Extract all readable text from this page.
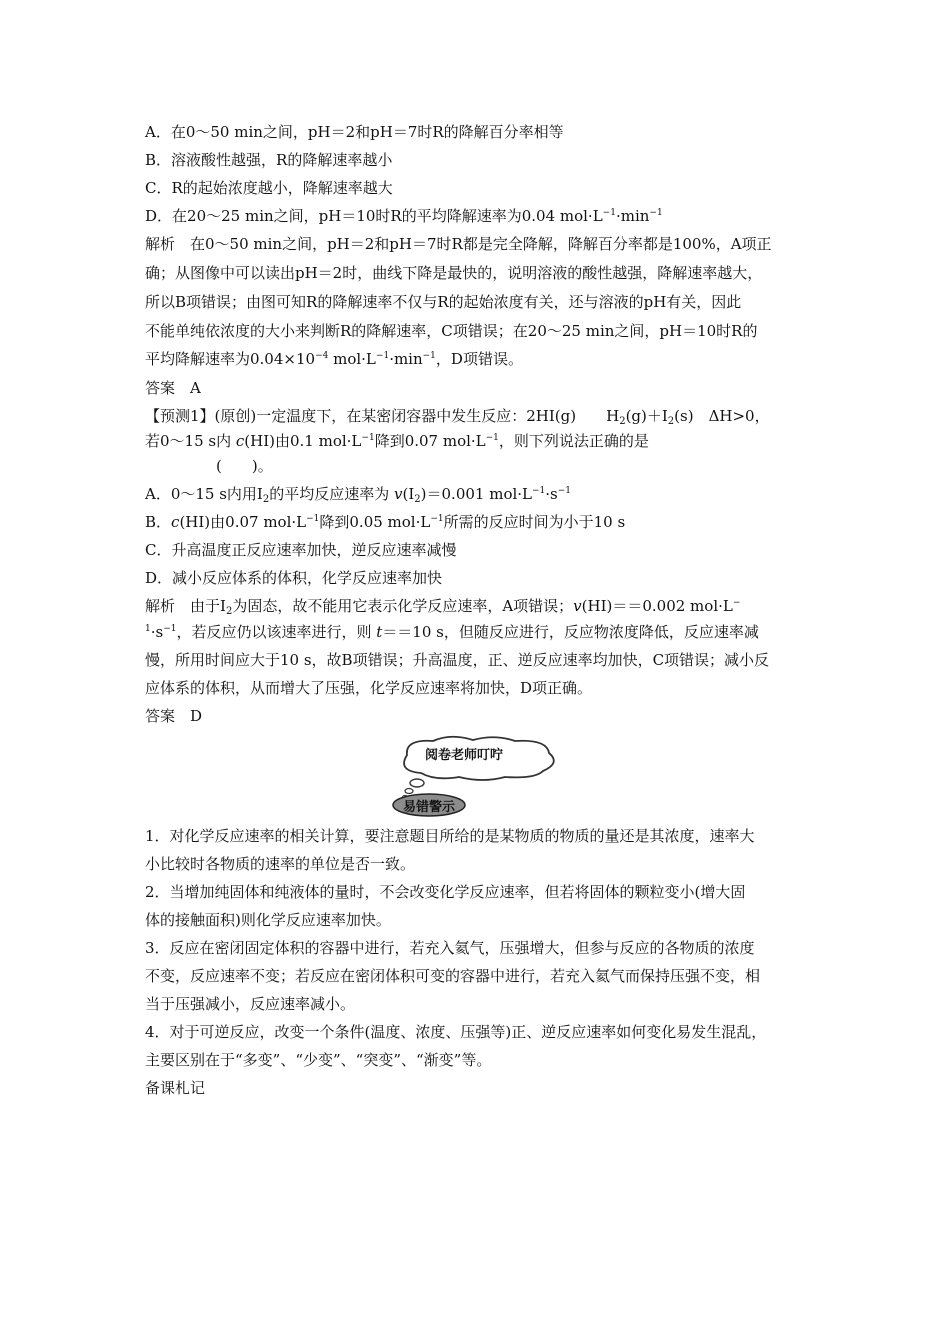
A．在0～50 min之间，pH＝2和pH＝7时R的降解百分率相等
B．溶液酸性越强，R的降解速率越小
C．R的起始浓度越小，降解速率越大
D．在20～25 min之间，pH＝10时R的平均降解速率为0.04 $mol\cdot L^{-1}\cdot\min^{-1}$
解析　在0～50 min之间，pH＝2和pH＝7时R都是完全降解，降解百分率都是100%，A项正
确；从图像中可以读出pH＝2时，曲线下降是最快的，说明溶液的酸性越强，降解速率越大，
所以B项错误；由图可知R的降解速率不仅与R的起始浓度有关，还与溶液的pH有关，因此
不能单纯依浓度的大小来判断R的降解速率，C项错误；在20～25 min之间，pH＝10时R的
平均降解速率为$0.04\times 10^{-4}$ $mol\cdot L^{-1}\cdot\min^{-1}$，D项错误。
答案　A
【预测1】(原创)一定温度下，在某密闭容器中发生反应：2HI(g)　　$H_2(g)+I_2(s)$　ΔH>0，
若0～15 s内 c(HI)由0.1 $mol\cdot L^{-1}$降到0.07 $mol\cdot L^{-1}$，则下列说法正确的是
(　　)。
A．0～15 s内用$I_2$的平均反应速率为 $v(I_2)=0.001$ $mol\cdot L^{-1}\cdot s^{-1}$
B．c(HI)由0.07 $mol\cdot L^{-1}$降到0.05 $mol\cdot L^{-1}$所需的反应时间为小于10 s
C．升高温度正反应速率加快，逆反应速率减慢
D．减小反应体系的体积，化学反应速率加快
解析　由于$I_2$为固态，故不能用它表示化学反应速率，A项错误；v(HI)＝＝0.002 mol·L−
$^1\cdot s^{-1}$，若反应仍以该速率进行，则 t＝＝10 s，但随反应进行，反应物浓度降低，反应速率减
慢，所用时间应大于10 s，故B项错误；升高温度，正、逆反应速率均加快，C项错误；减小反
应体系的体积，从而增大了压强，化学反应速率将加快，D项正确。
答案　D
阅卷老师叮咛
易错警示
1．对化学反应速率的相关计算，要注意题目所给的是某物质的物质的量还是其浓度，速率大
小比较时各物质的速率的单位是否一致。
2．当增加纯固体和纯液体的量时，不会改变化学反应速率，但若将固体的颗粒变小(增大固
体的接触面积)则化学反应速率加快。
3．反应在密闭固定体积的容器中进行，若充入氦气，压强增大，但参与反应的各物质的浓度
不变，反应速率不变；若反应在密闭体积可变的容器中进行，若充入氦气而保持压强不变，相
当于压强减小，反应速率减小。
4．对于可逆反应，改变一个条件(温度、浓度、压强等)正、逆反应速率如何变化易发生混乱，
主要区别在于“多变”、“少变”、“突变”、“渐变”等。
备课札记
